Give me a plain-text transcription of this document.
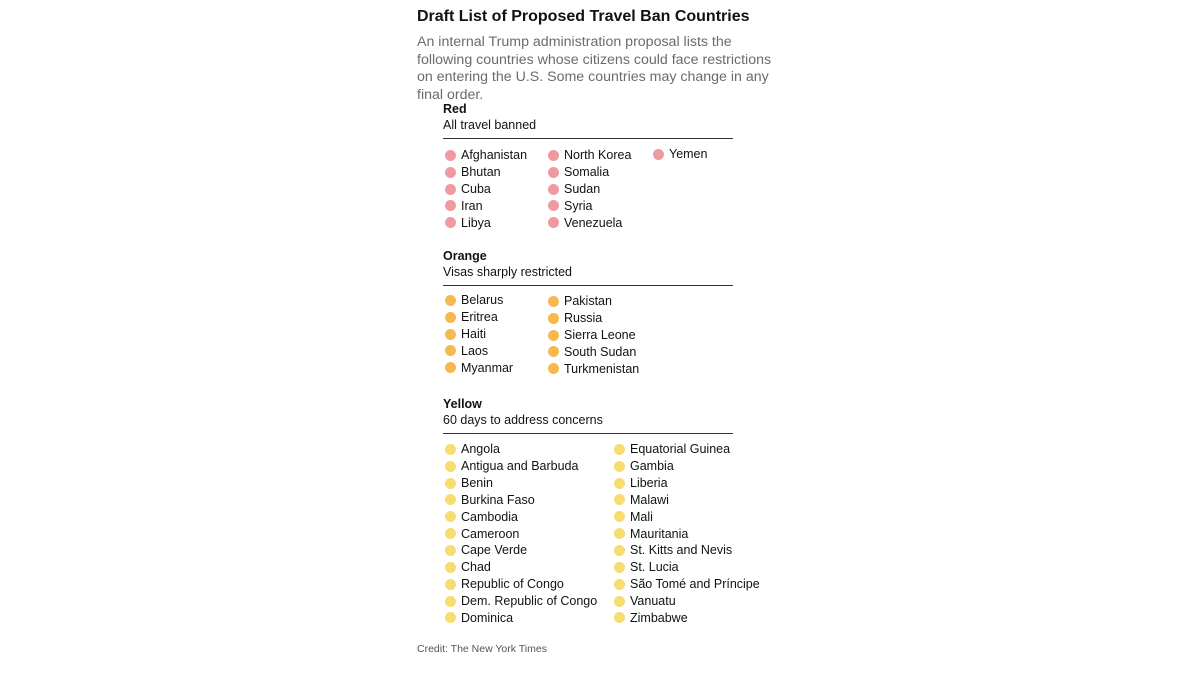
Draft List of Proposed Travel Ban Countries
An internal Trump administration proposal lists the following countries whose citizens could face restrictions on entering the U.S. Some countries may change in any final order.
Red
All travel banned
Afghanistan
Bhutan
Cuba
Iran
Libya
North Korea
Somalia
Sudan
Syria
Venezuela
Yemen
Orange
Visas sharply restricted
Belarus
Eritrea
Haiti
Laos
Myanmar
Pakistan
Russia
Sierra Leone
South Sudan
Turkmenistan
Yellow
60 days to address concerns
Angola
Antigua and Barbuda
Benin
Burkina Faso
Cambodia
Cameroon
Cape Verde
Chad
Republic of Congo
Dem. Republic of Congo
Dominica
Equatorial Guinea
Gambia
Liberia
Malawi
Mali
Mauritania
St. Kitts and Nevis
St. Lucia
São Tomé and Príncipe
Vanuatu
Zimbabwe
Credit: The New York Times
